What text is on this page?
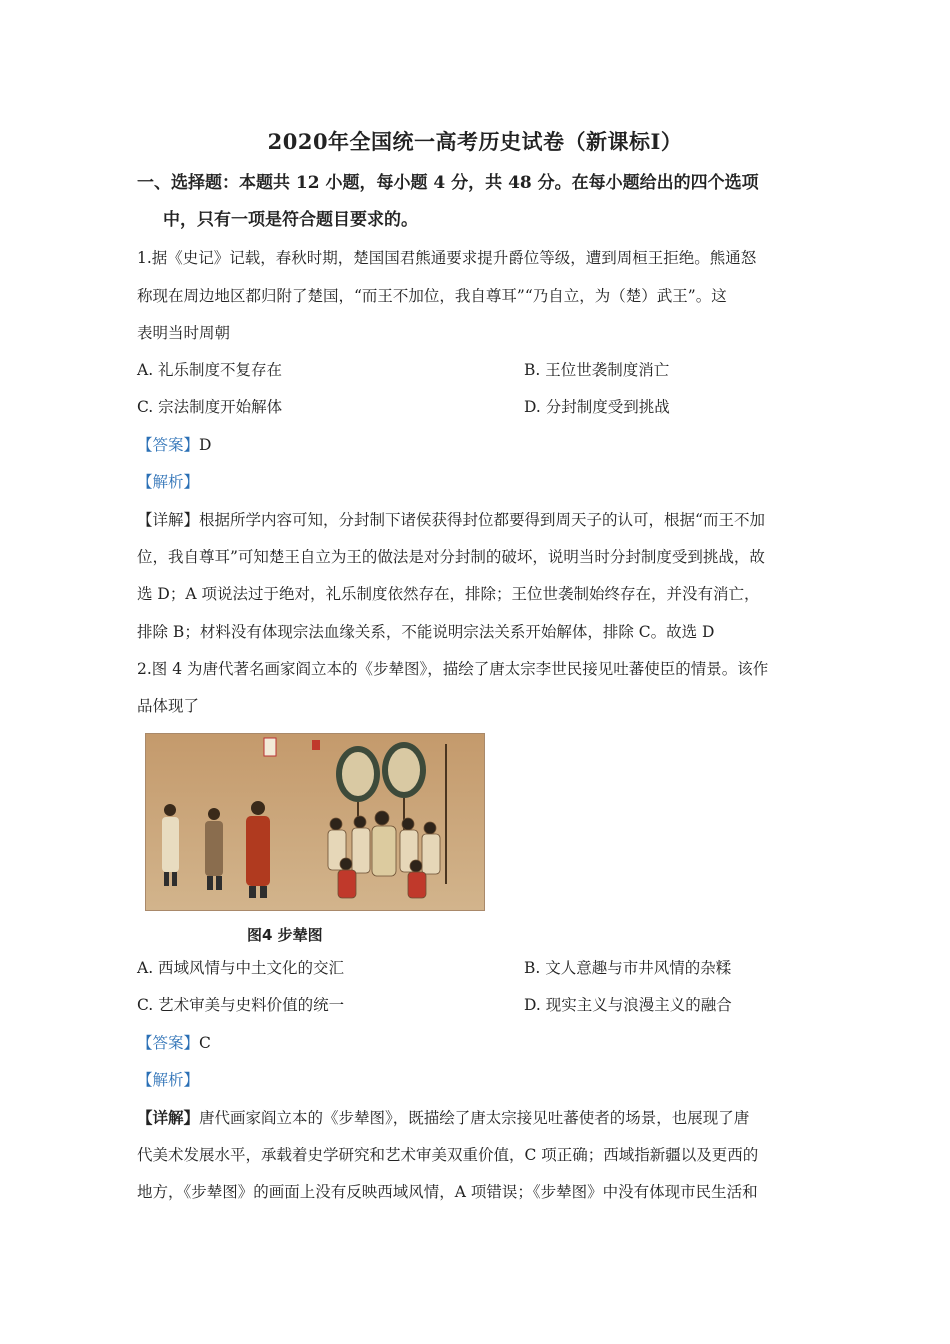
2020年全国统一高考历史试卷（新课标I）
一、选择题：本题共 12 小题，每小题 4 分，共 48 分。在每小题给出的四个选项
中，只有一项是符合题目要求的。
1.据《史记》记载，春秋时期，楚国国君熊通要求提升爵位等级，遭到周桓王拒绝。熊通怒
称现在周边地区都归附了楚国，“而王不加位，我自尊耳”“乃自立，为（楚）武王”。这
表明当时周朝
A. 礼乐制度不复存在	B. 王位世袭制度消亡
C. 宗法制度开始解体	D. 分封制度受到挑战
【答案】D
【解析】
【详解】根据所学内容可知，分封制下诸侯获得封位都要得到周天子的认可，根据“而王不加
位，我自尊耳”可知楚王自立为王的做法是对分封制的破坏，说明当时分封制度受到挑战，故
选 D；A 项说法过于绝对，礼乐制度依然存在，排除；王位世袭制始终存在，并没有消亡，
排除 B；材料没有体现宗法血缘关系，不能说明宗法关系开始解体，排除 C。故选 D
2.图 4 为唐代著名画家阎立本的《步辇图》，描绘了唐太宗李世民接见吐蕃使臣的情景。该作
品体现了
图4 步辇图
A. 西域风情与中土文化的交汇	B. 文人意趣与市井风情的杂糅
C. 艺术审美与史料价值的统一	D. 现实主义与浪漫主义的融合
【答案】C
【解析】
【详解】唐代画家阎立本的《步辇图》，既描绘了唐太宗接见吐蕃使者的场景，也展现了唐
代美术发展水平，承载着史学研究和艺术审美双重价值，C 项正确；西域指新疆以及更西的
地方，《步辇图》的画面上没有反映西域风情，A 项错误；《步辇图》中没有体现市民生活和
